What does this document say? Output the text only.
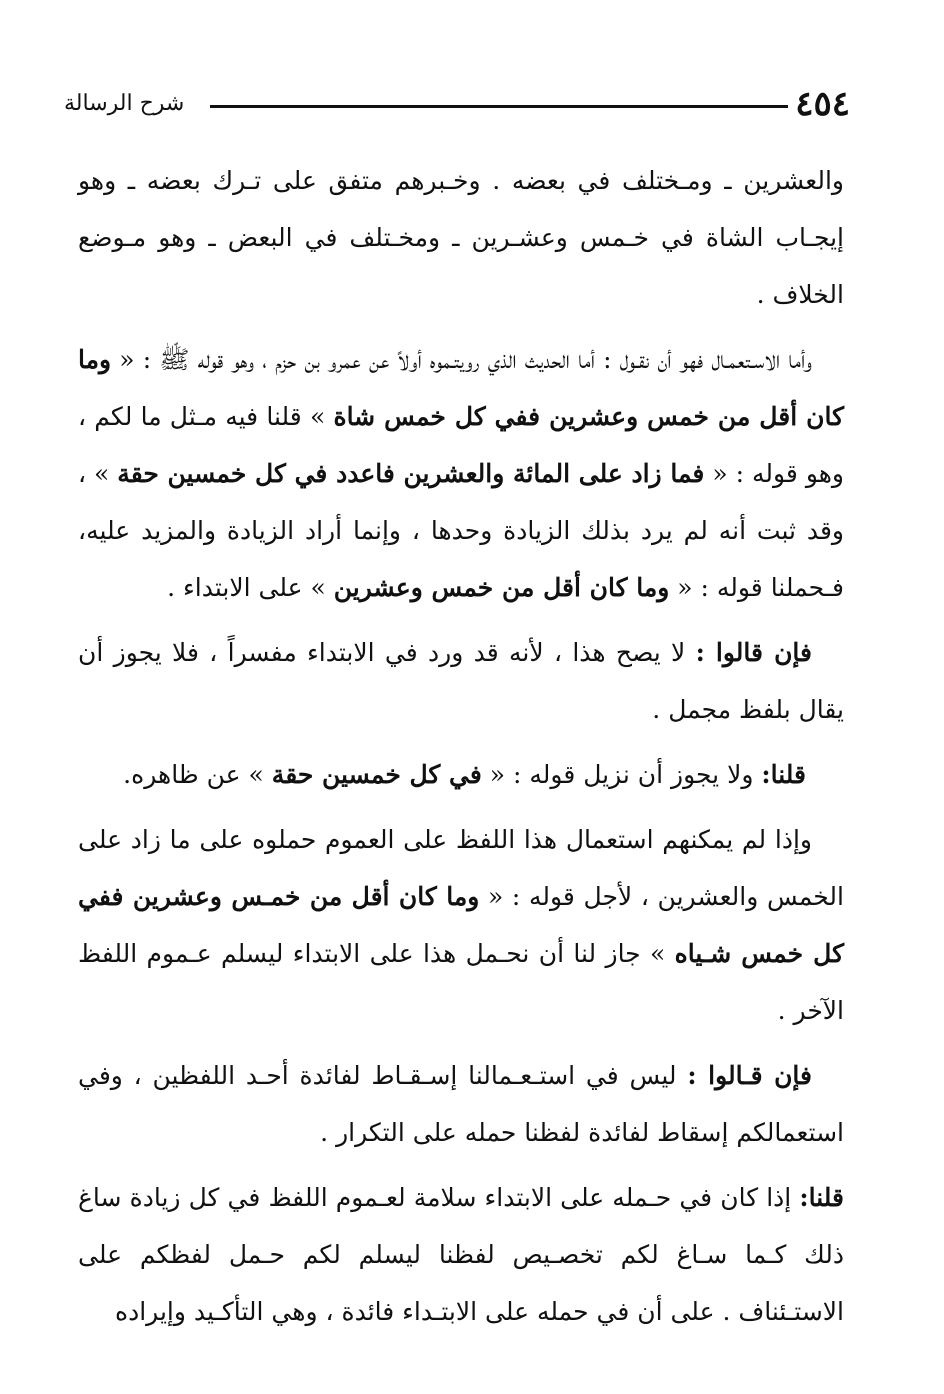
٤٥٤
شرح الرسالة

والعشرين ـ ومـختلف في بعضه . وخـبرهم متفق على تـرك بعضه ـ وهو إيجـاب الشاة في خـمس وعشـرين ـ ومخـتلف في البعض ـ وهو مـوضع الخلاف .

وأما الاسـتعمـال فهو أن نقـول : أما الحديث الذي رويتـموه أولاً عن عمرو بن حزم ، وهو قوله ﷺ : « وما كان أقل من خمس وعشرين ففي كل خمس شاة » قلنا فيه مـثل ما لكم ، وهو قوله : « فما زاد على المائة والعشرين فاعدد في كل خمسين حقة » ، وقد ثبت أنه لم يرد بذلك الزيادة وحدها ، وإنما أراد الزيادة والمزيد عليه، فـحملنا قوله : « وما كان أقل من خمس وعشرين » على الابتداء .

فإن قالوا : لا يصح هذا ، لأنه قد ورد في الابتداء مفسراً ، فلا يجوز أن يقال بلفظ مجمل .

قلنا: ولا يجوز أن نزيل قوله : « في كل خمسين حقة » عن ظاهره.

وإذا لم يمكنهم استعمال هذا اللفظ على العموم حملوه على ما زاد على الخمس والعشرين ، لأجل قوله : « وما كان أقل من خمـس وعشرين ففي كل خمس شـياه » جاز لنا أن نحـمل هذا على الابتداء ليسلم عـموم اللفظ الآخر .

فإن قـالوا : ليس في استـعـمالنا إسـقـاط لفائدة أحـد اللفظين ، وفي استعمالكم إسقاط لفائدة لفظنا حمله على التكرار .

قلنا: إذا كان في حـمله على الابتداء سلامة لعـموم اللفظ في كل زيادة ساغ ذلك كـما سـاغ لكم تخصـيص لفظنا ليسلم لكم حـمل لفظكم على الاستـئناف . على أن في حمله على الابتـداء فائدة ، وهي التأكـيد وإيراده
